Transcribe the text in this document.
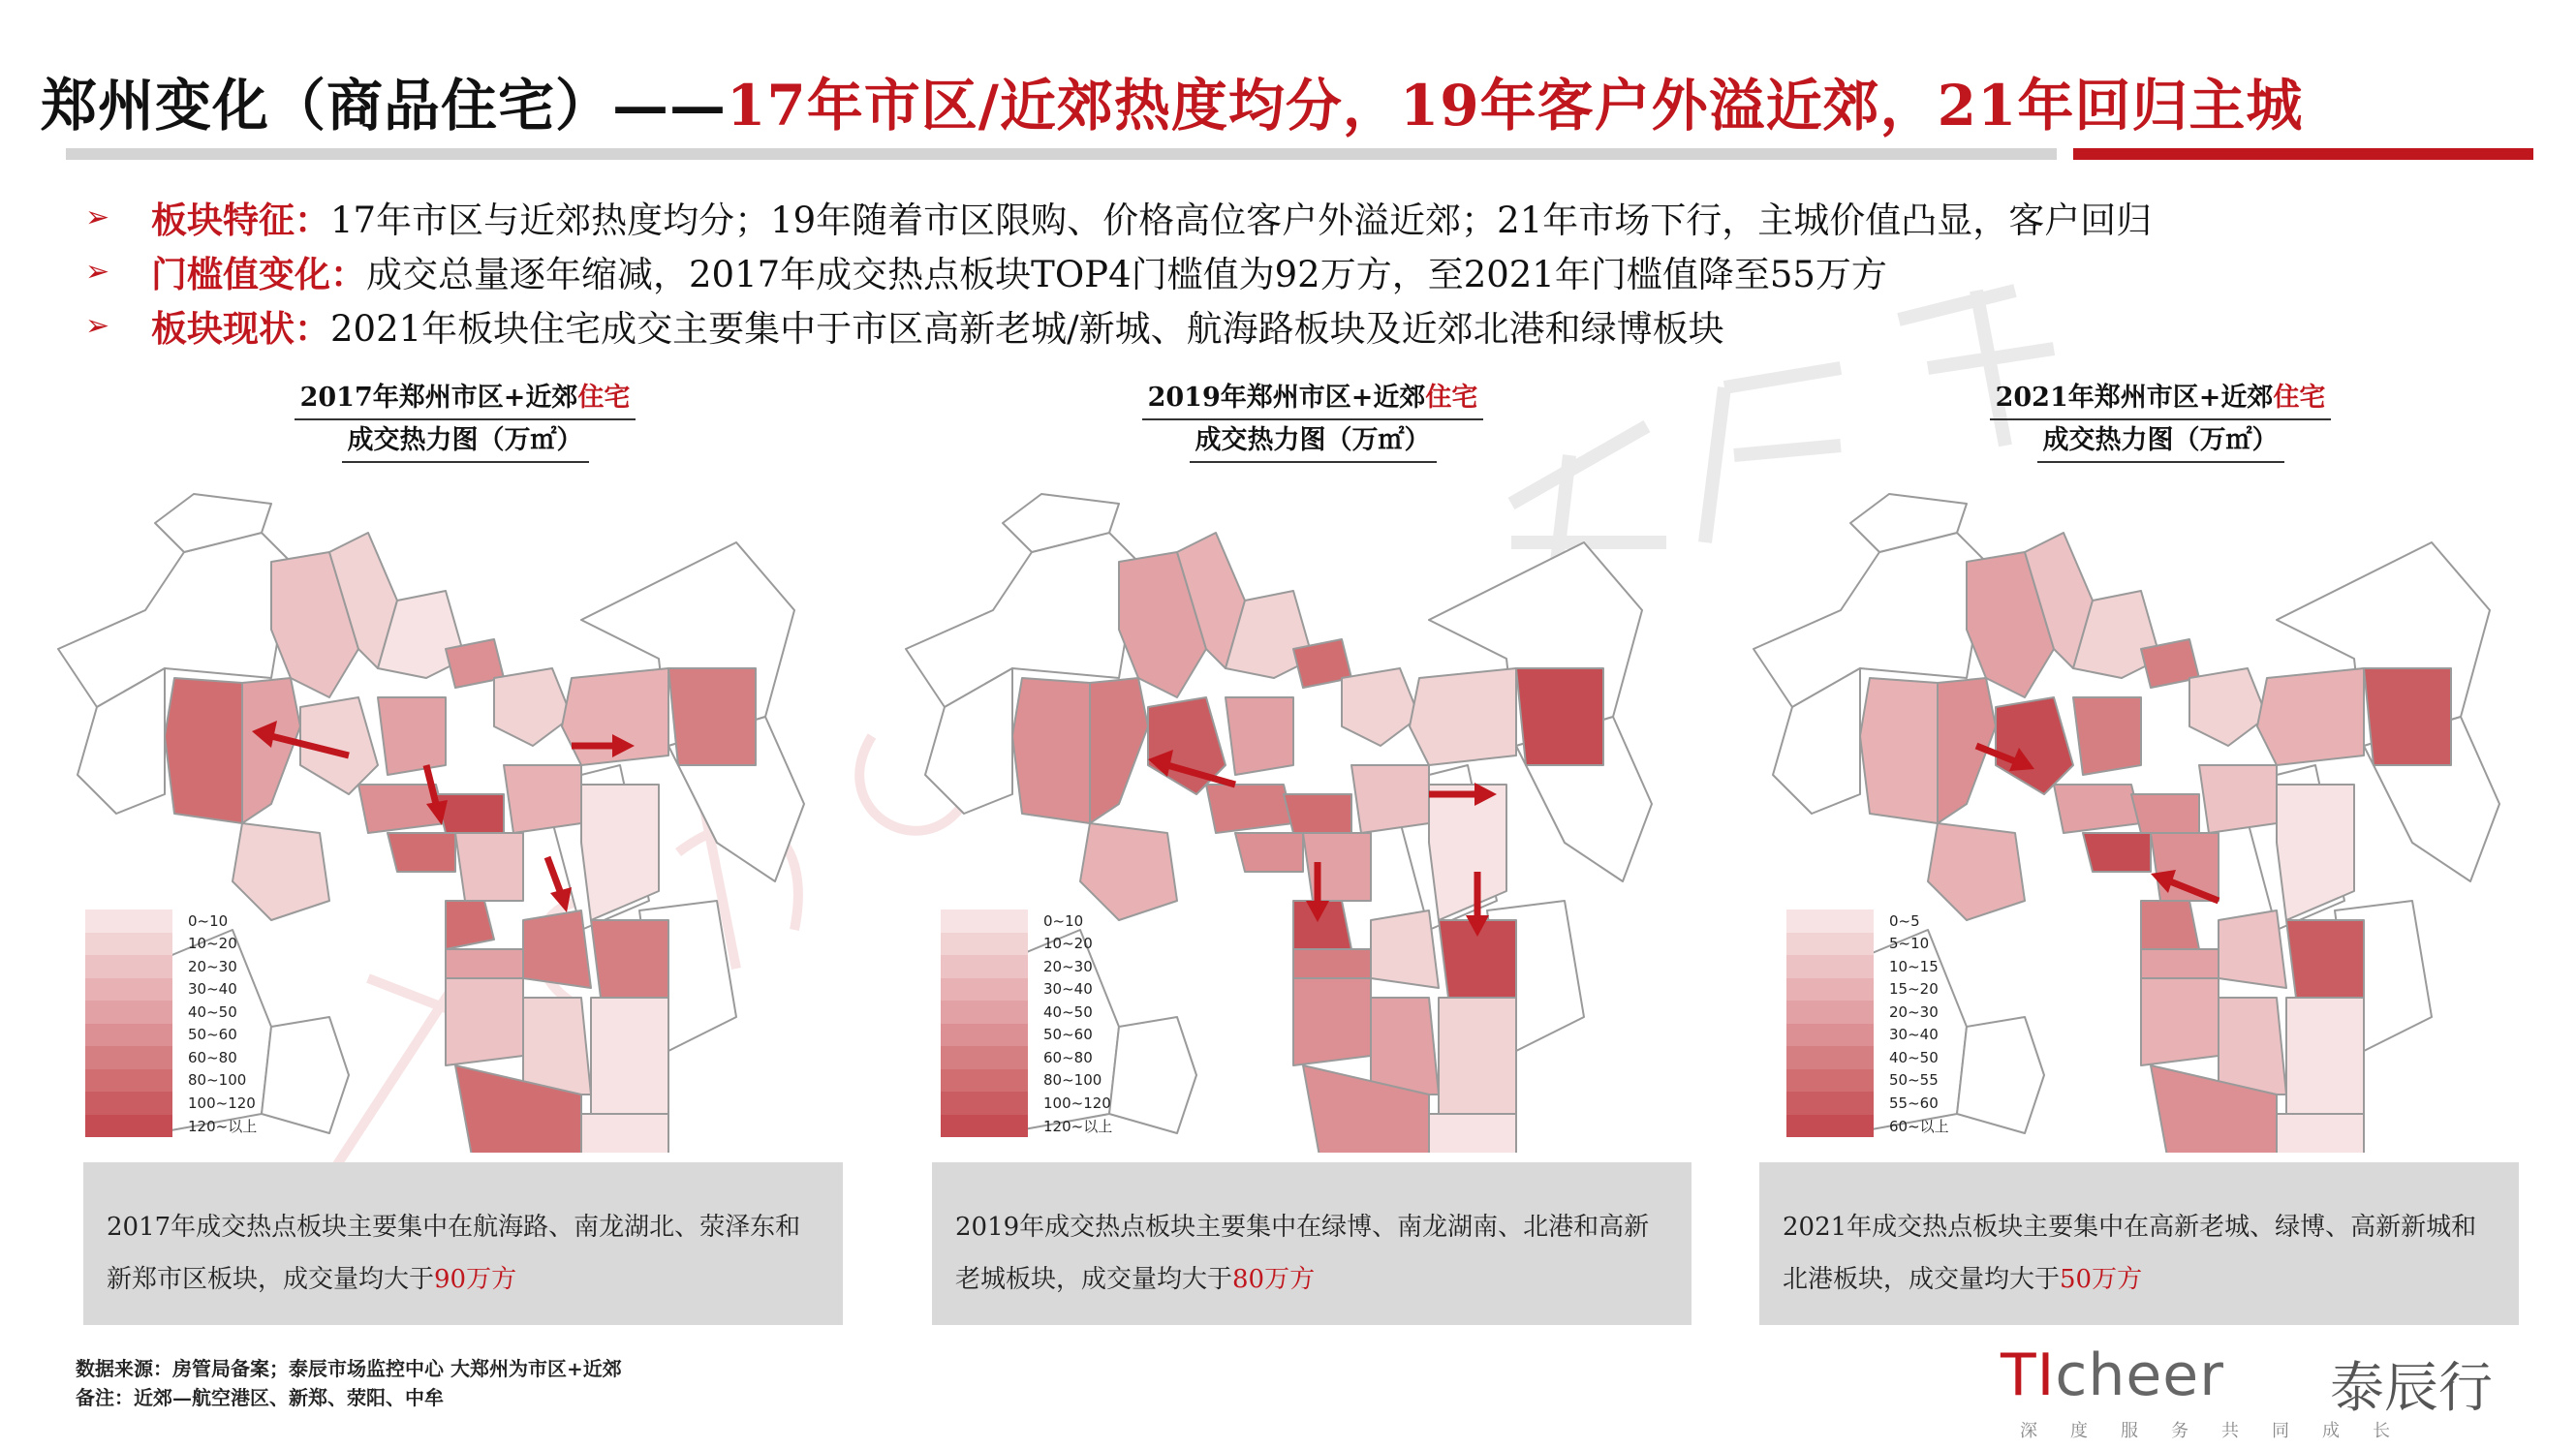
郑州变化（商品住宅）——17年市区/近郊热度均分，19年客户外溢近郊，21年回归主城
➢	板块特征： 17年市区与近郊热度均分；19年随着市区限购、价格高位客户外溢近郊；21年市场下行，主城价值凸显，客户回归
➢	门槛值变化： 成交总量逐年缩减，2017年成交热点板块TOP4门槛值为92万方，至2021年门槛值降至55万方
➢	板块现状： 2021年板块住宅成交主要集中于市区高新老城/新城、航海路板块及近郊北港和绿博板块
2017年郑州市区+近郊住宅
成交热力图（万㎡）
0~10
10~20
20~30
30~40
40~50
50~60
60~80
80~100
100~120
120~以上
2019年郑州市区+近郊住宅
成交热力图（万㎡）
0~10
10~20
20~30
30~40
40~50
50~60
60~80
80~100
100~120
120~以上
2021年郑州市区+近郊住宅
成交热力图（万㎡）
0~5
5~10
10~15
15~20
20~30
30~40
40~50
50~55
55~60
60~以上
2017年成交热点板块主要集中在航海路、南龙湖北、荥泽东和新郑市区板块，成交量均大于90万方
2019年成交热点板块主要集中在绿博、南龙湖南、北港和高新老城板块，成交量均大于80万方
2021年成交热点板块主要集中在高新老城、绿博、高新新城和北港板块，成交量均大于50万方
数据来源：房管局备案；泰辰市场监控中心 大郑州为市区+近郊
备注：近郊—航空港区、新郑、荥阳、中牟	TIcheer 泰辰行
深度服务共同成长
